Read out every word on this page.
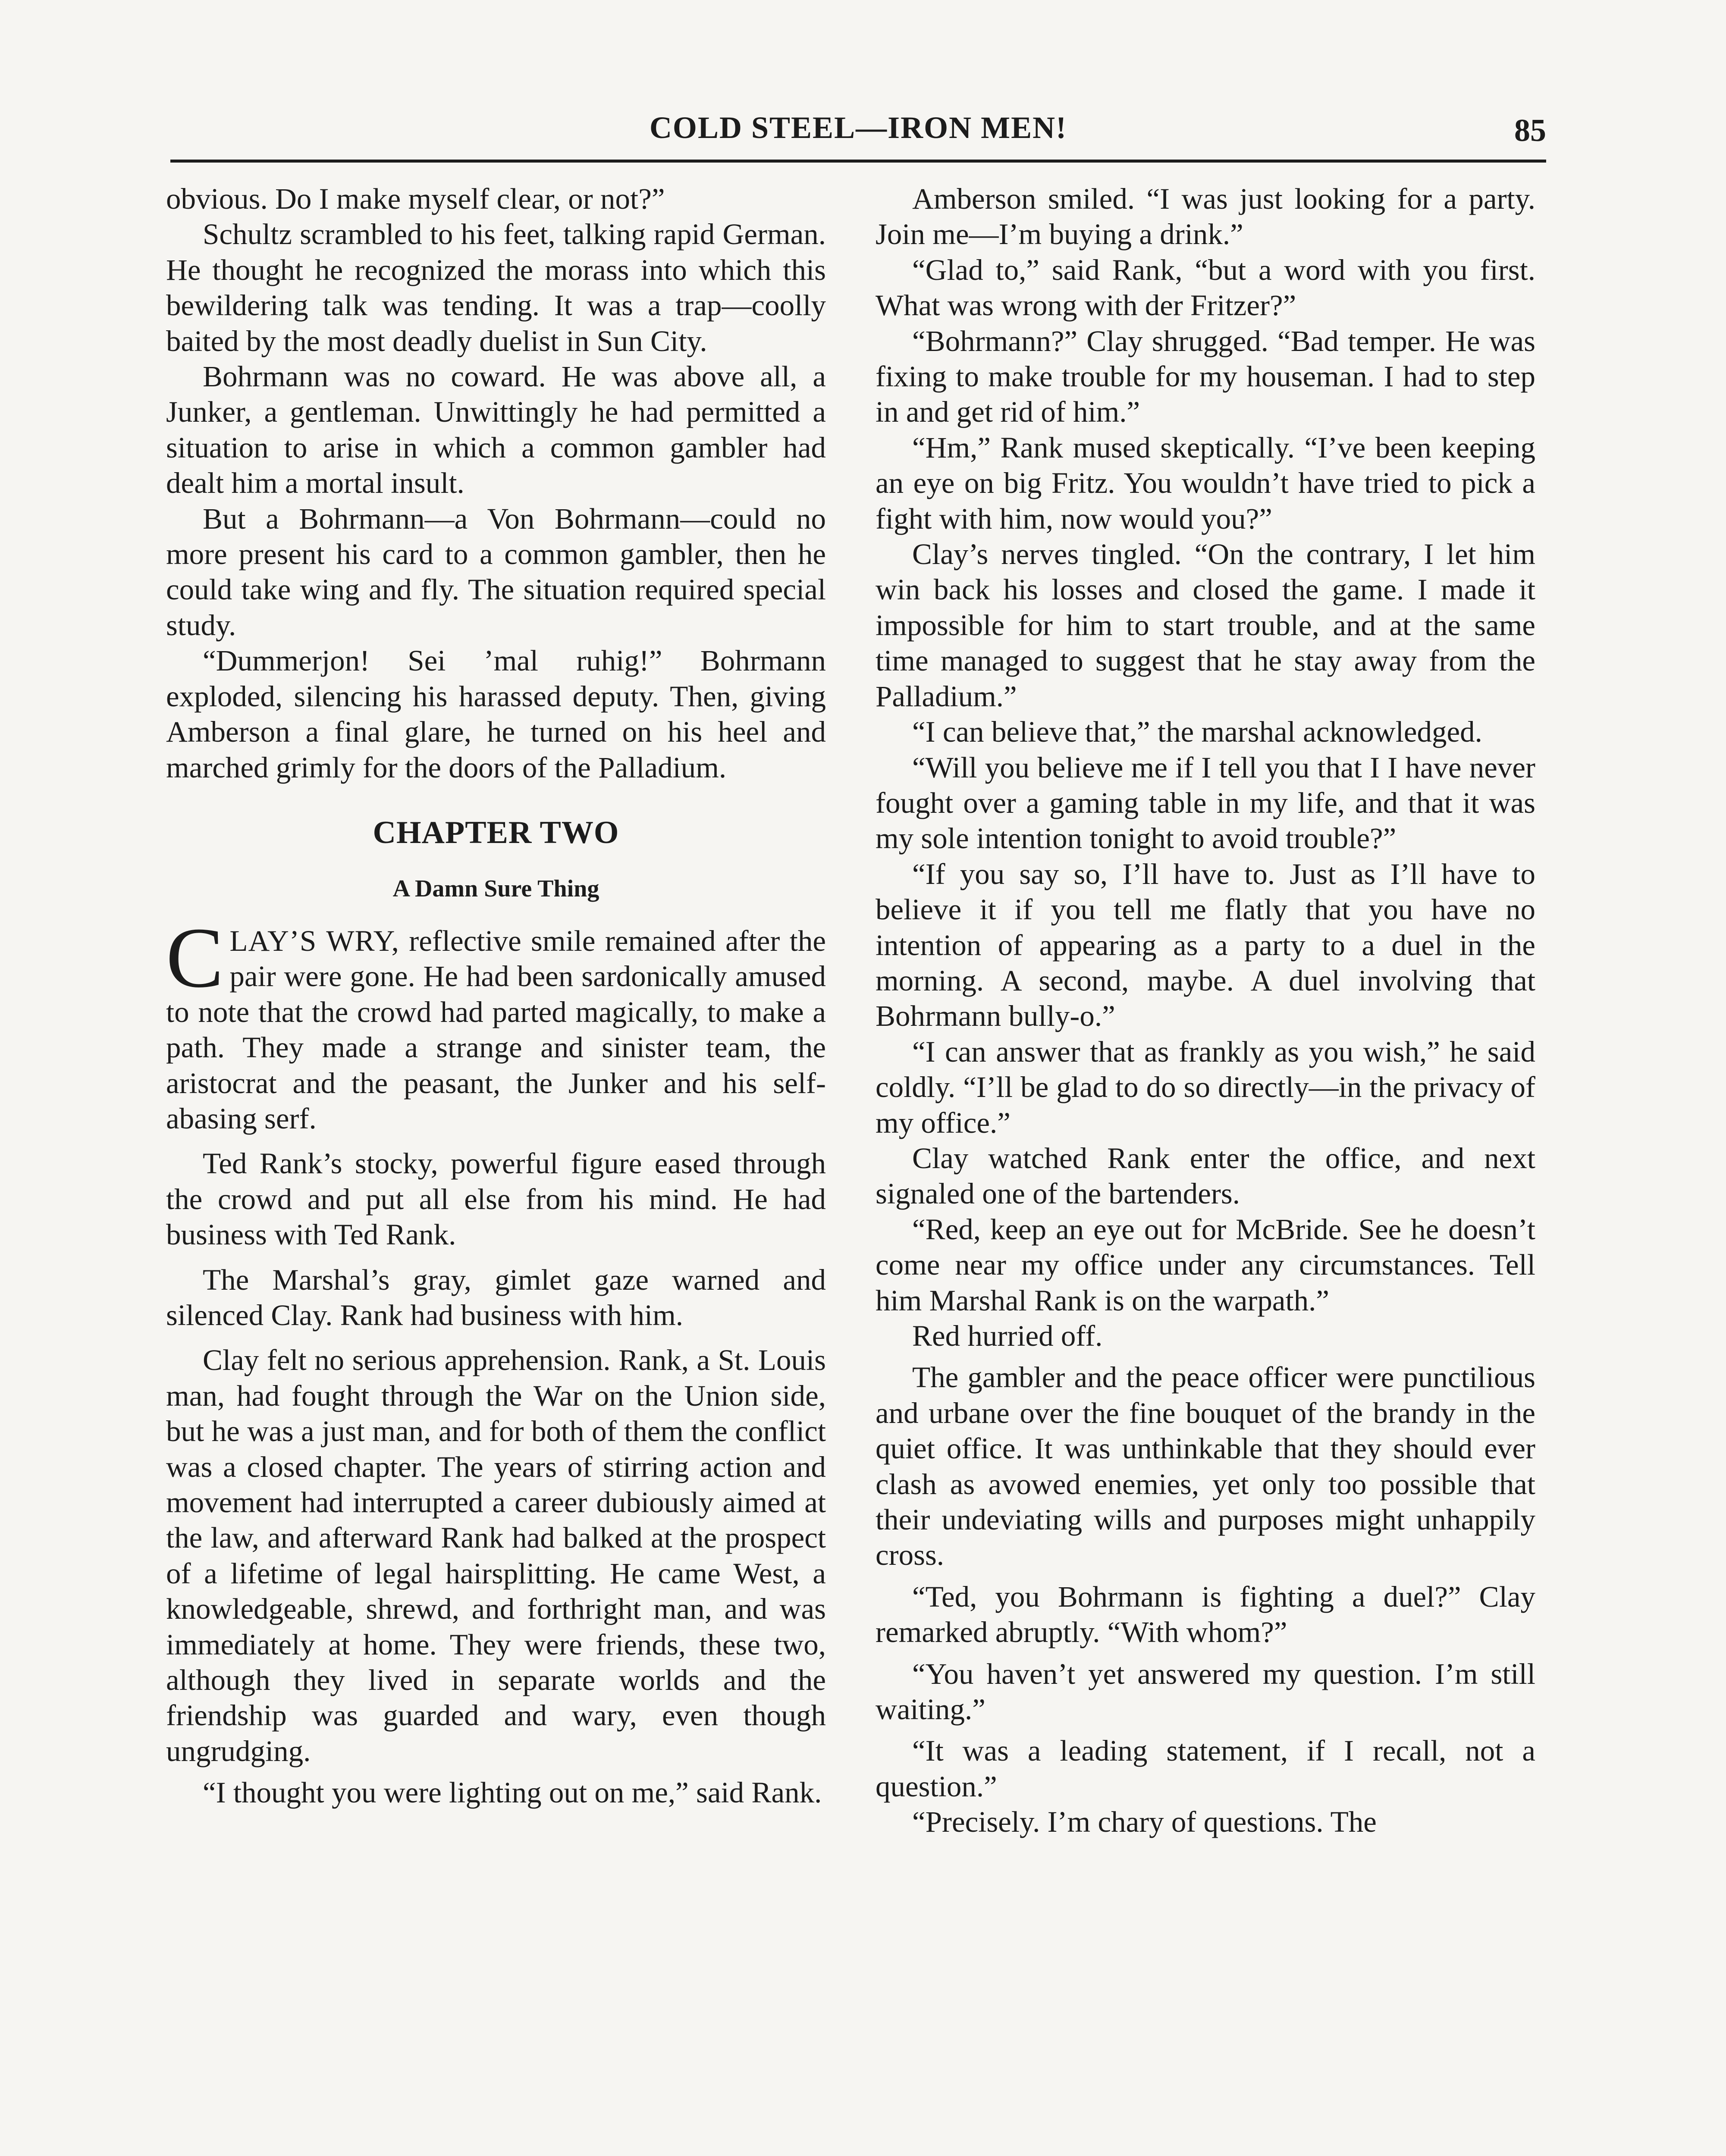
COLD STEEL—IRON MEN!	85

obvious. Do I make myself clear, or not?”

Schultz scrambled to his feet, talking rapid German. He thought he recognized the morass into which this bewildering talk was tending. It was a trap—coolly baited by the most deadly duelist in Sun City.

Bohrmann was no coward. He was above all, a Junker, a gentleman. Unwittingly he had permitted a situation to arise in which a common gambler had dealt him a mortal insult.

But a Bohrmann—a Von Bohrmann—could no more present his card to a common gambler, then he could take wing and fly. The situation required special study.

“Dummerjon! Sei ’mal ruhig!” Bohrmann exploded, silencing his harassed deputy. Then, giving Amberson a final glare, he turned on his heel and marched grimly for the doors of the Palladium.

CHAPTER TWO
A Damn Sure Thing

CLAY’S WRY, reflective smile remained after the pair were gone. He had been sardonically amused to note that the crowd had parted magically, to make a path. They made a strange and sinister team, the aristocrat and the peasant, the Junker and his self-abasing serf.

Ted Rank’s stocky, powerful figure eased through the crowd and put all else from his mind. He had business with Ted Rank.

The Marshal’s gray, gimlet gaze warned and silenced Clay. Rank had business with him.

Clay felt no serious apprehension. Rank, a St. Louis man, had fought through the War on the Union side, but he was a just man, and for both of them the conflict was a closed chapter. The years of stirring action and movement had interrupted a career dubiously aimed at the law, and afterward Rank had balked at the prospect of a lifetime of legal hairsplitting. He came West, a knowledgeable, shrewd, and forthright man, and was immediately at home. They were friends, these two, although they lived in separate worlds and the friendship was guarded and wary, even though ungrudging.

“I thought you were lighting out on me,” said Rank.

Amberson smiled. “I was just looking for a party. Join me—I’m buying a drink.”

“Glad to,” said Rank, “but a word with you first. What was wrong with der Fritzer?”

“Bohrmann?” Clay shrugged. “Bad temper. He was fixing to make trouble for my houseman. I had to step in and get rid of him.”

“Hm,” Rank mused skeptically. “I’ve been keeping an eye on big Fritz. You wouldn’t have tried to pick a fight with him, now would you?”

Clay’s nerves tingled. “On the contrary, I let him win back his losses and closed the game. I made it impossible for him to start trouble, and at the same time managed to suggest that he stay away from the Palladium.”

“I can believe that,” the marshal acknowledged.

“Will you believe me if I tell you that I I have never fought over a gaming table in my life, and that it was my sole intention tonight to avoid trouble?”

“If you say so, I’ll have to. Just as I’ll have to believe it if you tell me flatly that you have no intention of appearing as a party to a duel in the morning. A second, maybe. A duel involving that Bohrmann bully-o.”

“I can answer that as frankly as you wish,” he said coldly. “I’ll be glad to do so directly—in the privacy of my office.”

Clay watched Rank enter the office, and next signaled one of the bartenders.

“Red, keep an eye out for McBride. See he doesn’t come near my office under any circumstances. Tell him Marshal Rank is on the warpath.”

Red hurried off.

The gambler and the peace officer were punctilious and urbane over the fine bouquet of the brandy in the quiet office. It was unthinkable that they should ever clash as avowed enemies, yet only too possible that their undeviating wills and purposes might unhappily cross.

“Ted, you Bohrmann is fighting a duel?” Clay remarked abruptly. “With whom?”

“You haven’t yet answered my question. I’m still waiting.”

“It was a leading statement, if I recall, not a question.”

“Precisely. I’m chary of questions. The
